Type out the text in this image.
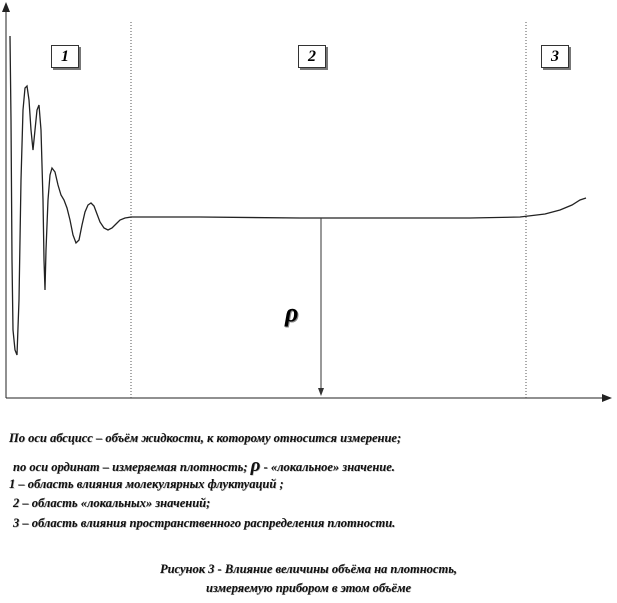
1	2	3
ρ
По оси абсцисс – объём жидкости, к которому относится измерение;
по оси ординат – измеряемая плотность; ρ - «локальное» значение.
1 – область влияния молекулярных флуктуаций ;
2 – область «локальных» значений;
3 – область влияния пространственного распределения плотности.
Рисунок 3 - Влияние величины объёма на плотность,
измеряемую прибором в этом объёме
